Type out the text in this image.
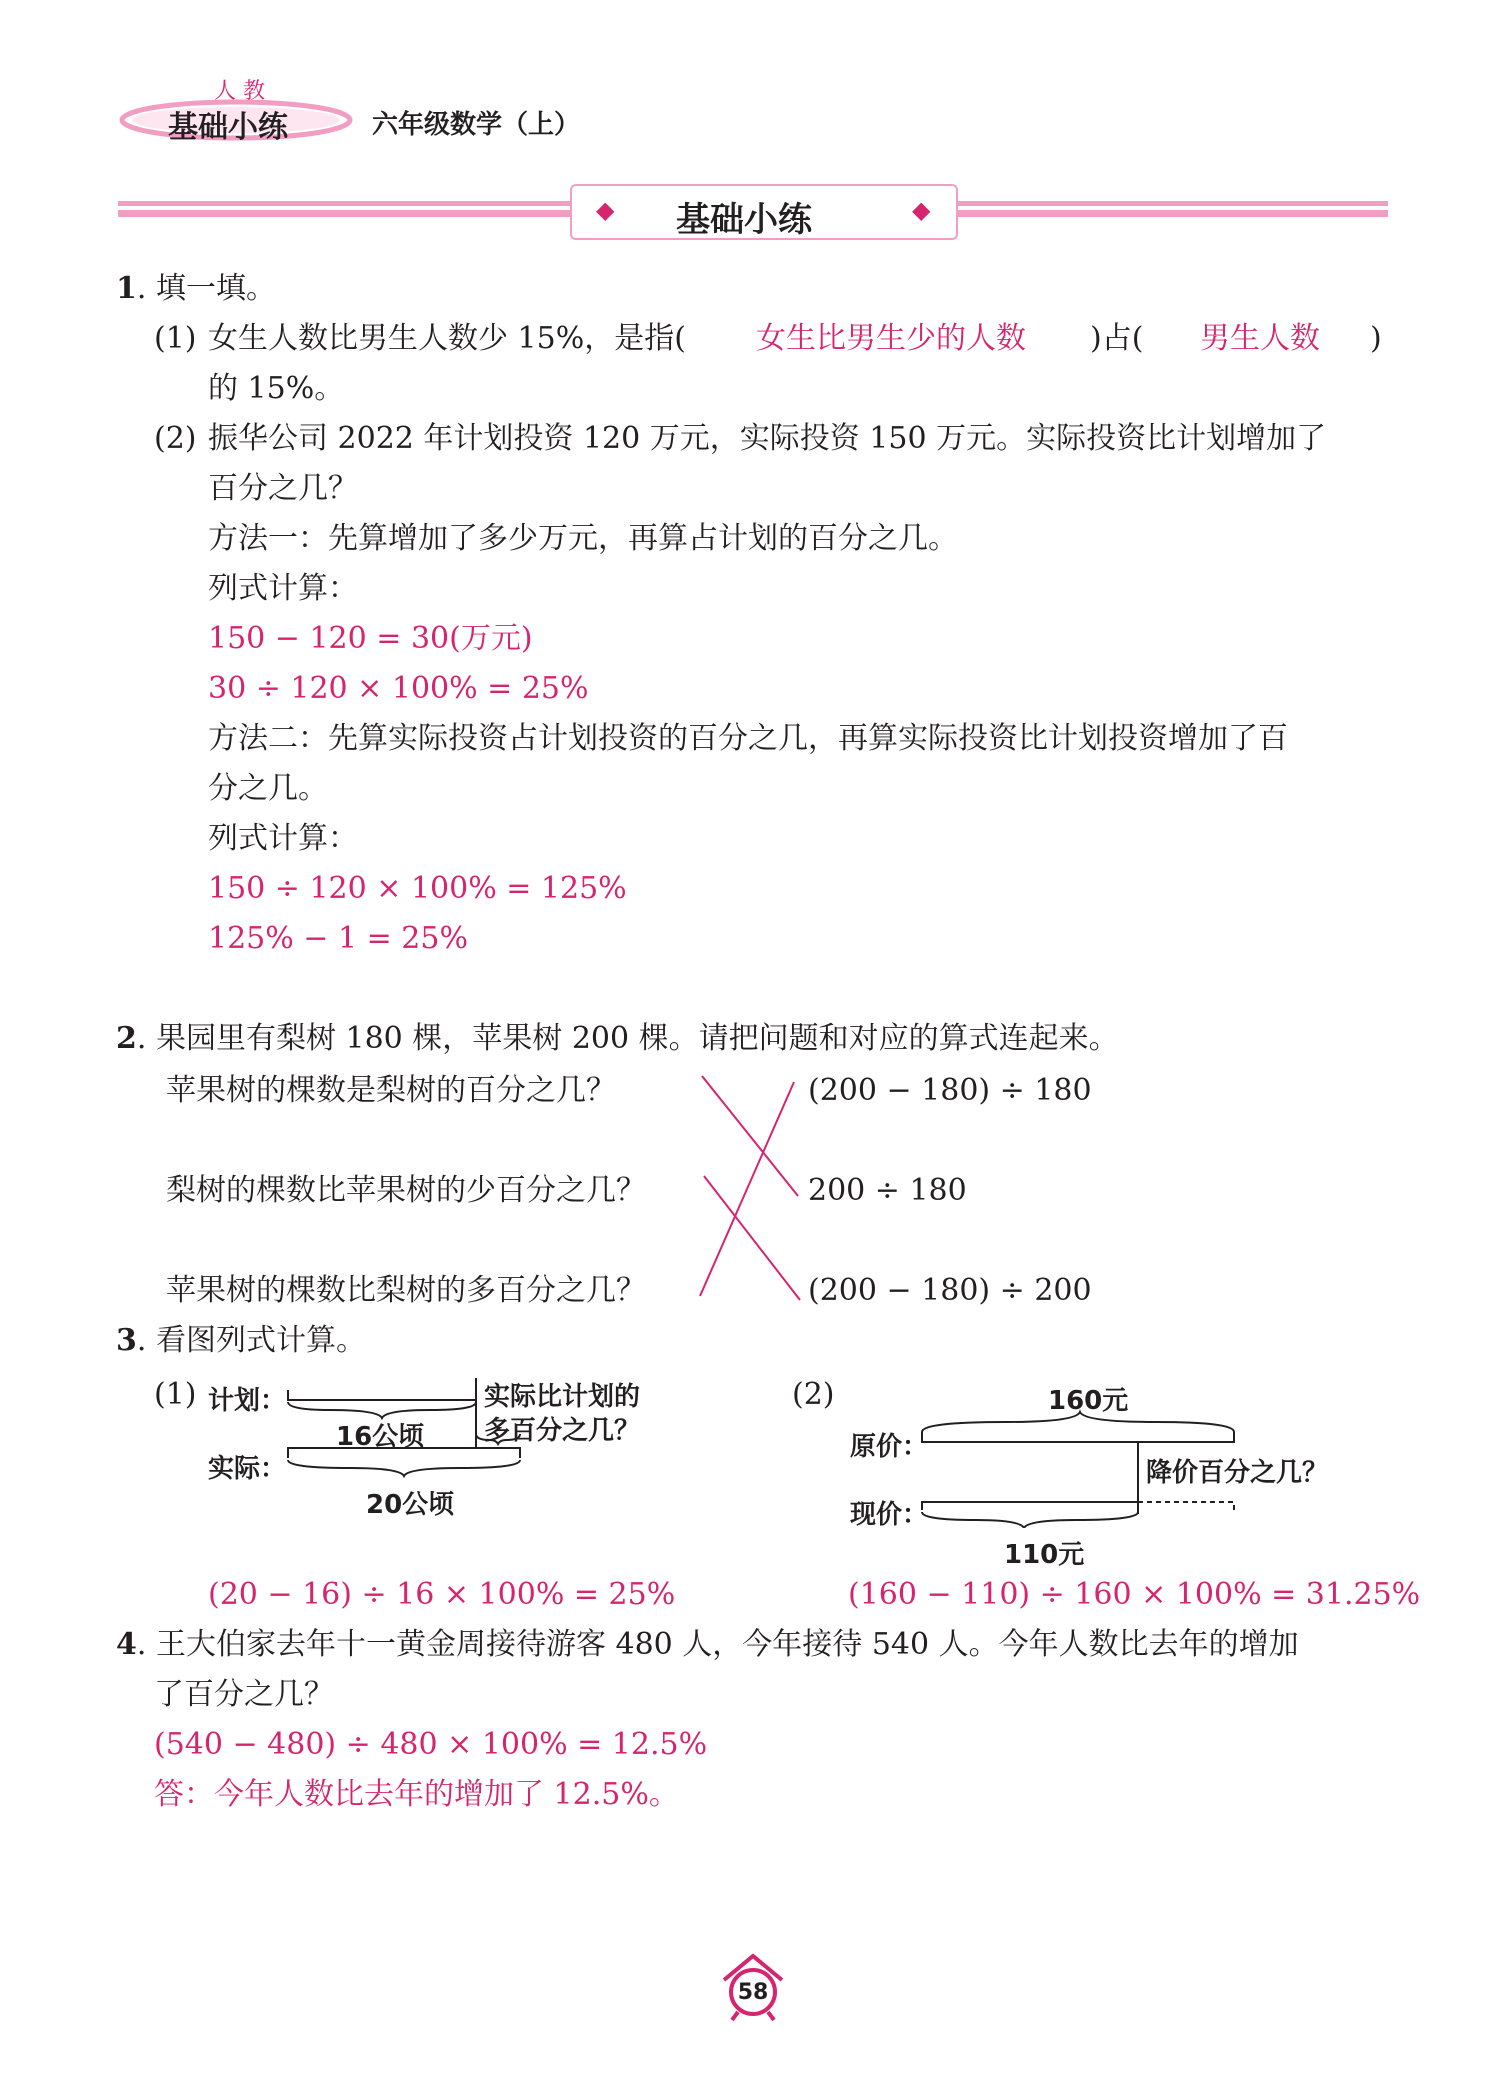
人 教
基础小练	六年级数学（上）
◆ 基础小练	◆
1. 填一填。
(1) 女生人数比男生人数少 15%，是指( 女生比男生少的人数 )占( 男生人数 )
的 15%。
(2) 振华公司 2022 年计划投资 120 万元，实际投资 150 万元。实际投资比计划增加了
百分之几？
方法一：先算增加了多少万元，再算占计划的百分之几。
列式计算：
150 − 120 = 30(万元)
30 ÷ 120 × 100% = 25%
方法二：先算实际投资占计划投资的百分之几，再算实际投资比计划投资增加了百
分之几。
列式计算：
150 ÷ 120 × 100% = 125%
125% − 1 = 25%
2. 果园里有梨树 180 棵，苹果树 200 棵。请把问题和对应的算式连起来。
苹果树的棵数是梨树的百分之几？
梨树的棵数比苹果树的少百分之几？
苹果树的棵数比梨树的多百分之几？
(200 − 180) ÷ 180
200 ÷ 180
(200 − 180) ÷ 200
3. 看图列式计算。
(1) 计划：
实际：
16公顷
20公顷
实际比计划的
多百分之几？
(20 − 16) ÷ 16 × 100% = 25%
(2)	160元
原价：
现价：
降价百分之几？
110元
(160 − 110) ÷ 160 × 100% = 31.25%
4. 王大伯家去年十一黄金周接待游客 480 人，今年接待 540 人。今年人数比去年的增加
了百分之几？
(540 − 480) ÷ 480 × 100% = 12.5%
答：今年人数比去年的增加了 12.5%。
58
